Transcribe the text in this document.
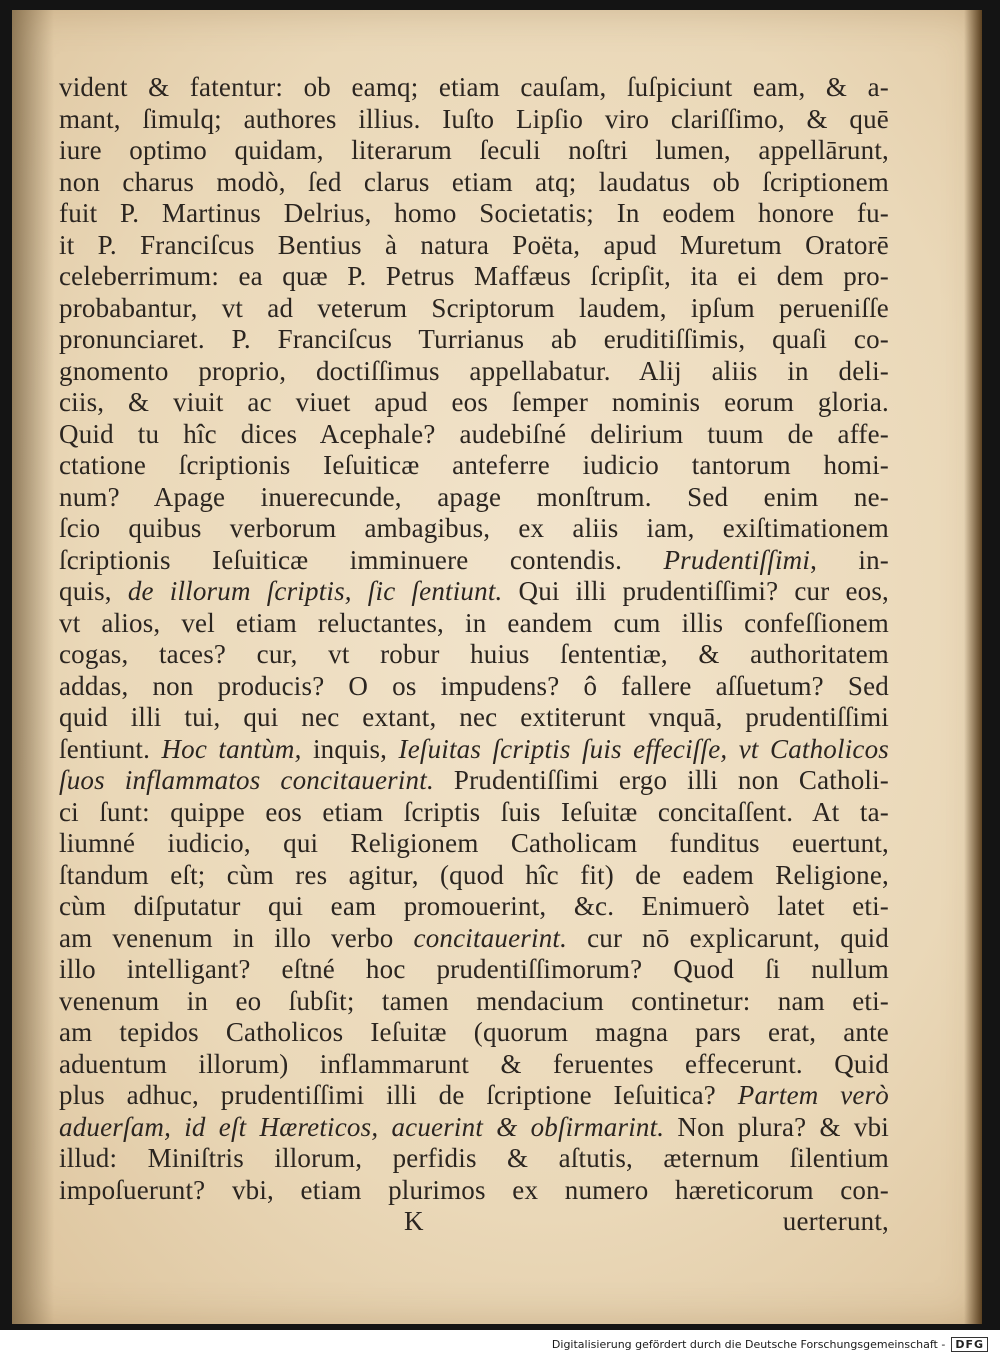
vident & fatentur: ob eamq; etiam cauſam, ſuſpiciunt eam, & a-
mant, ſimulq; authores illius. Iuſto Lipſio viro clariſſimo, & quē
iure optimo quidam, literarum ſeculi noſtri lumen, appellārunt,
non charus modò, ſed clarus etiam atq; laudatus ob ſcriptionem
fuit P. Martinus Delrius, homo Societatis; In eodem honore fu-
it P. Franciſcus Bentius à natura Poëta, apud Muretum Oratorē
celeberrimum: ea quæ P. Petrus Maffæus ſcripſit, ita ei dem pro-
probabantur, vt ad veterum Scriptorum laudem, ipſum perueniſſe
pronunciaret. P. Franciſcus Turrianus ab eruditiſſimis, quaſi co-
gnomento proprio, doctiſſimus appellabatur. Alij aliis in deli-
ciis, & viuit ac viuet apud eos ſemper nominis eorum gloria.
Quid tu hîc dices Acephale? audebiſné delirium tuum de affe-
ctatione ſcriptionis Ieſuiticæ anteferre iudicio tantorum homi-
num? Apage inuerecunde, apage monſtrum. Sed enim ne-
ſcio quibus verborum ambagibus, ex aliis iam, exiſtimationem
ſcriptionis Ieſuiticæ imminuere contendis. Prudentiſſimi, in-
quis, de illorum ſcriptis, ſic ſentiunt. Qui illi prudentiſſimi? cur eos,
vt alios, vel etiam reluctantes, in eandem cum illis confeſſionem
cogas, taces? cur, vt robur huius ſententiæ, & authoritatem
addas, non producis? O os impudens? ô fallere aſſuetum? Sed
quid illi tui, qui nec extant, nec extiterunt vnquā, prudentiſſimi
ſentiunt. Hoc tantùm, inquis, Ieſuitas ſcriptis ſuis effeciſſe, vt Catholicos
ſuos inflammatos concitauerint. Prudentiſſimi ergo illi non Catholi-
ci ſunt: quippe eos etiam ſcriptis ſuis Ieſuitæ concitaſſent. At ta-
liumné iudicio, qui Religionem Catholicam funditus euertunt,
ſtandum eſt; cùm res agitur, (quod hîc fit) de eadem Religione,
cùm diſputatur qui eam promouerint, &c. Enimuerò latet eti-
am venenum in illo verbo concitauerint. cur nō explicarunt, quid
illo intelligant? eſtné hoc prudentiſſimorum? Quod ſi nullum
venenum in eo ſubſit; tamen mendacium continetur: nam eti-
am tepidos Catholicos Ieſuitæ (quorum magna pars erat, ante
aduentum illorum) inflammarunt & feruentes effecerunt. Quid
plus adhuc, prudentiſſimi illi de ſcriptione Ieſuitica? Partem verò
aduerſam, id eſt Hæreticos, acuerint & obſirmarint. Non plura? & vbi
illud: Miniſtris illorum, perfidis & aſtutis, æternum ſilentium
impoſuerunt? vbi, etiam plurimos ex numero hæreticorum con-
K	uerterunt,
Digitalisierung gefördert durch die Deutsche Forschungsgemeinschaft - DFG
